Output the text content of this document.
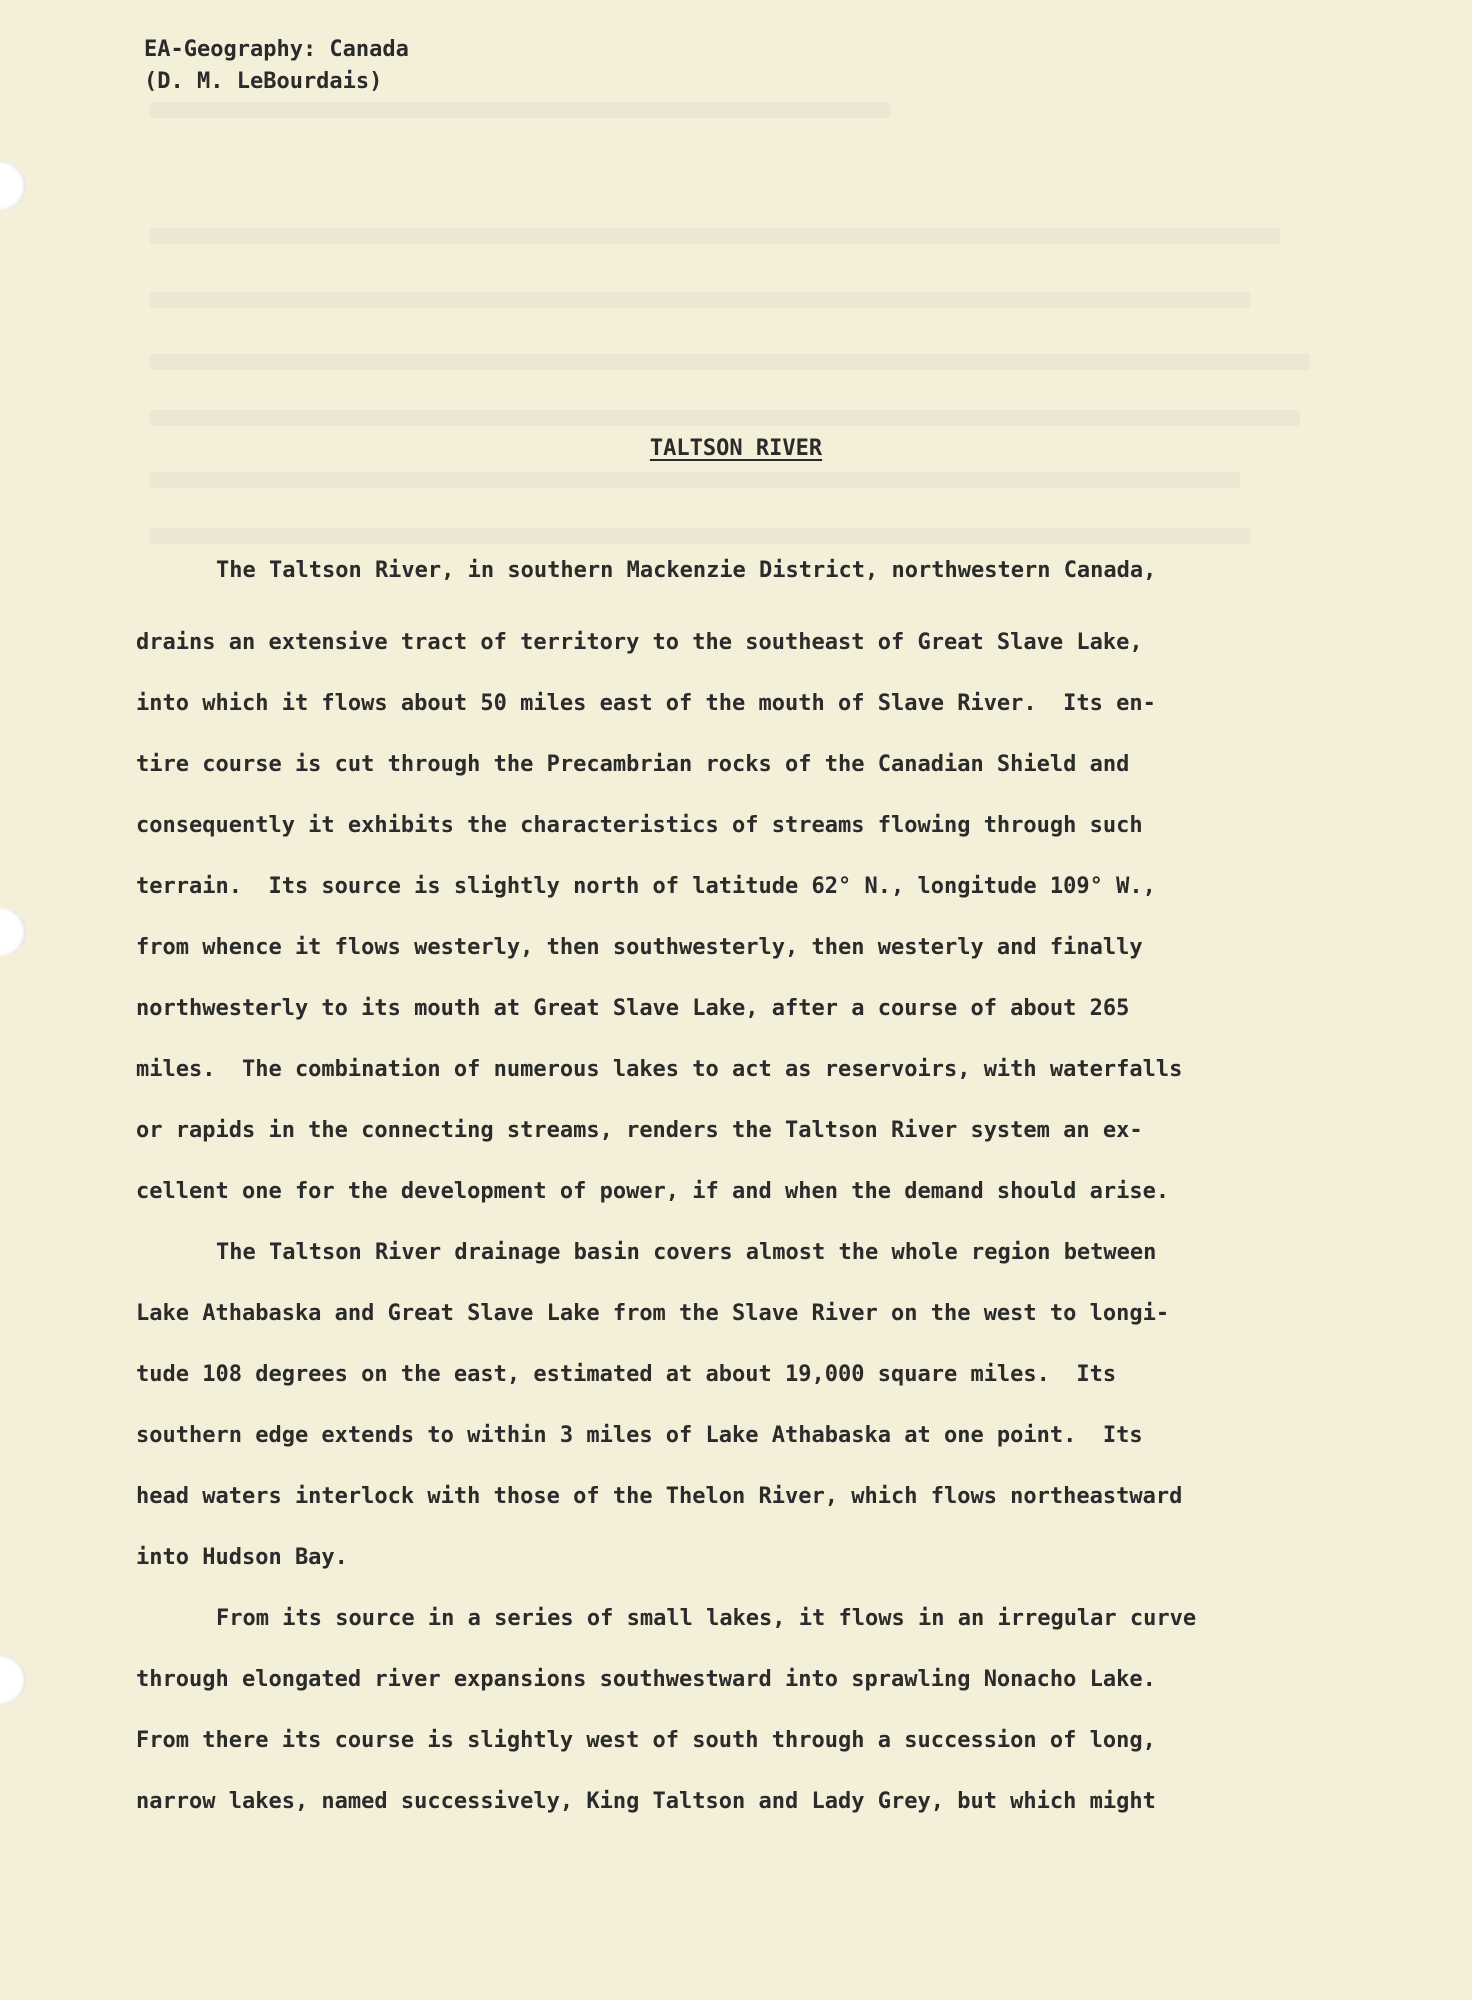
EA-Geography: Canada
(D. M. LeBourdais)
TALTSON RIVER
The Taltson River, in southern Mackenzie District, northwestern Canada,
drains an extensive tract of territory to the southeast of Great Slave Lake,
into which it flows about 50 miles east of the mouth of Slave River.  Its en-
tire course is cut through the Precambrian rocks of the Canadian Shield and
consequently it exhibits the characteristics of streams flowing through such
terrain.  Its source is slightly north of latitude 62° N., longitude 109° W.,
from whence it flows westerly, then southwesterly, then westerly and finally
northwesterly to its mouth at Great Slave Lake, after a course of about 265
miles.  The combination of numerous lakes to act as reservoirs, with waterfalls
or rapids in the connecting streams, renders the Taltson River system an ex-
cellent one for the development of power, if and when the demand should arise.
The Taltson River drainage basin covers almost the whole region between
Lake Athabaska and Great Slave Lake from the Slave River on the west to longi-
tude 108 degrees on the east, estimated at about 19,000 square miles.  Its
southern edge extends to within 3 miles of Lake Athabaska at one point.  Its
head waters interlock with those of the Thelon River, which flows northeastward
into Hudson Bay.
From its source in a series of small lakes, it flows in an irregular curve
through elongated river expansions southwestward into sprawling Nonacho Lake.
From there its course is slightly west of south through a succession of long,
narrow lakes, named successively, King Taltson and Lady Grey, but which might
